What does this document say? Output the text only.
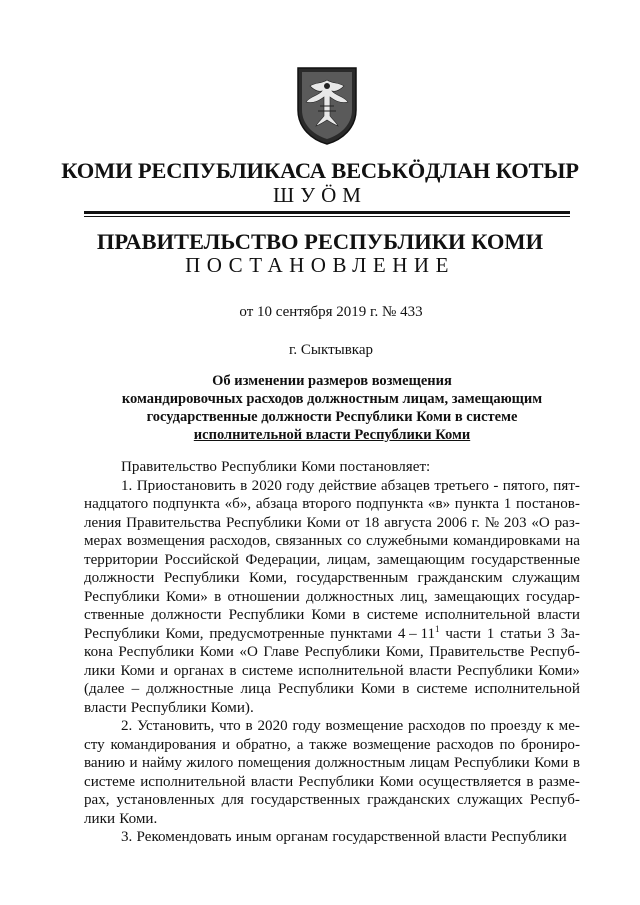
КОМИ РЕСПУБЛИКАСА ВЕСЬКӦДЛАН КОТЫР
ШУӦМ
ПРАВИТЕЛЬСТВО РЕСПУБЛИКИ КОМИ
ПОСТАНОВЛЕНИЕ
от 10 сентября 2019 г. № 433
г. Сыктывкар
Об изменении размеров возмещения
командировочных расходов должностным лицам, замещающим
государственные должности Республики Коми в системе
исполнительной власти Республики Коми
Правительство Республики Коми постановляет:
1. Приостановить в 2020 году действие абзацев третьего - пятого, пят-
надцатого подпункта «б», абзаца второго подпункта «в» пункта 1 постанов-
ления Правительства Республики Коми от 18 августа 2006 г. № 203 «О раз-
мерах возмещения расходов, связанных со служебными командировками на
территории Российской Федерации, лицам, замещающим государственные
должности Республики Коми, государственным гражданским служащим
Республики Коми» в отношении должностных лиц, замещающих государ-
ственные должности Республики Коми в системе исполнительной власти
Республики Коми, предусмотренные пунктами $4 - 11^1$ части 1 статьи 3 За-
кона Республики Коми «О Главе Республики Коми, Правительстве Респуб-
лики Коми и органах в системе исполнительной власти Республики Коми»
(далее – должностные лица Республики Коми в системе исполнительной
власти Республики Коми).
2. Установить, что в 2020 году возмещение расходов по проезду к ме-
сту командирования и обратно, а также возмещение расходов по брониро-
ванию и найму жилого помещения должностным лицам Республики Коми в
системе исполнительной власти Республики Коми осуществляется в разме-
рах, установленных для государственных гражданских служащих Респуб-
лики Коми.
3. Рекомендовать иным органам государственной власти Республики
